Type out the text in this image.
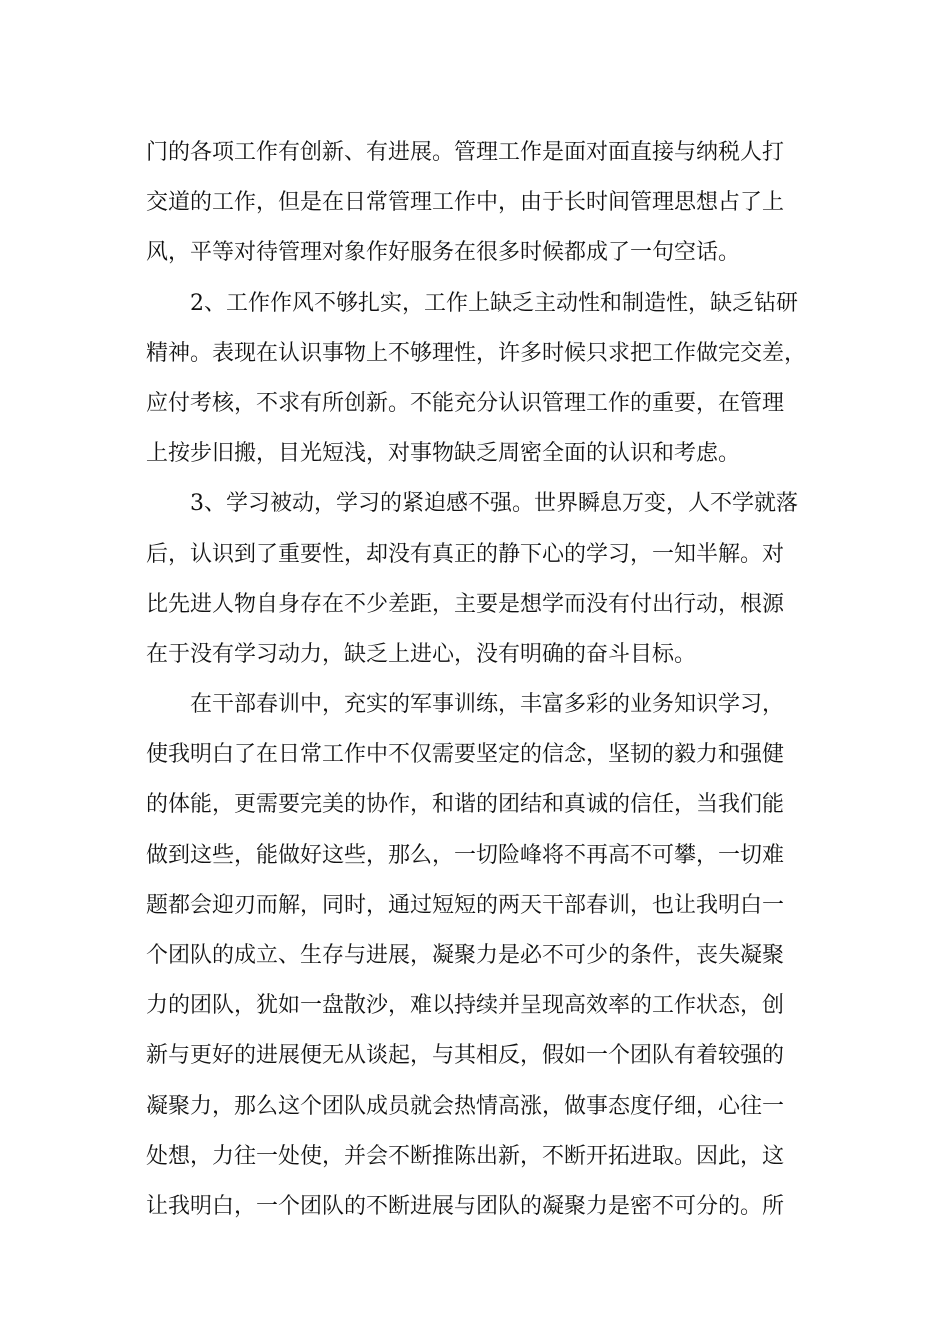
门的各项工作有创新、有进展。管理工作是面对面直接与纳税人打
交道的工作，但是在日常管理工作中，由于长时间管理思想占了上
风，平等对待管理对象作好服务在很多时候都成了一句空话。
2、工作作风不够扎实，工作上缺乏主动性和制造性，缺乏钻研
精神。表现在认识事物上不够理性，许多时候只求把工作做完交差，
应付考核，不求有所创新。不能充分认识管理工作的重要，在管理
上按步旧搬，目光短浅，对事物缺乏周密全面的认识和考虑。
3、学习被动，学习的紧迫感不强。世界瞬息万变，人不学就落
后，认识到了重要性，却没有真正的静下心的学习，一知半解。对
比先进人物自身存在不少差距，主要是想学而没有付出行动，根源
在于没有学习动力，缺乏上进心，没有明确的奋斗目标。
在干部春训中，充实的军事训练，丰富多彩的业务知识学习，
使我明白了在日常工作中不仅需要坚定的信念，坚韧的毅力和强健
的体能，更需要完美的协作，和谐的团结和真诚的信任，当我们能
做到这些，能做好这些，那么，一切险峰将不再高不可攀，一切难
题都会迎刃而解，同时，通过短短的两天干部春训，也让我明白一
个团队的成立、生存与进展，凝聚力是必不可少的条件，丧失凝聚
力的团队，犹如一盘散沙，难以持续并呈现高效率的工作状态，创
新与更好的进展便无从谈起，与其相反，假如一个团队有着较强的
凝聚力，那么这个团队成员就会热情高涨，做事态度仔细，心往一
处想，力往一处使，并会不断推陈出新，不断开拓进取。因此，这
让我明白，一个团队的不断进展与团队的凝聚力是密不可分的。所
